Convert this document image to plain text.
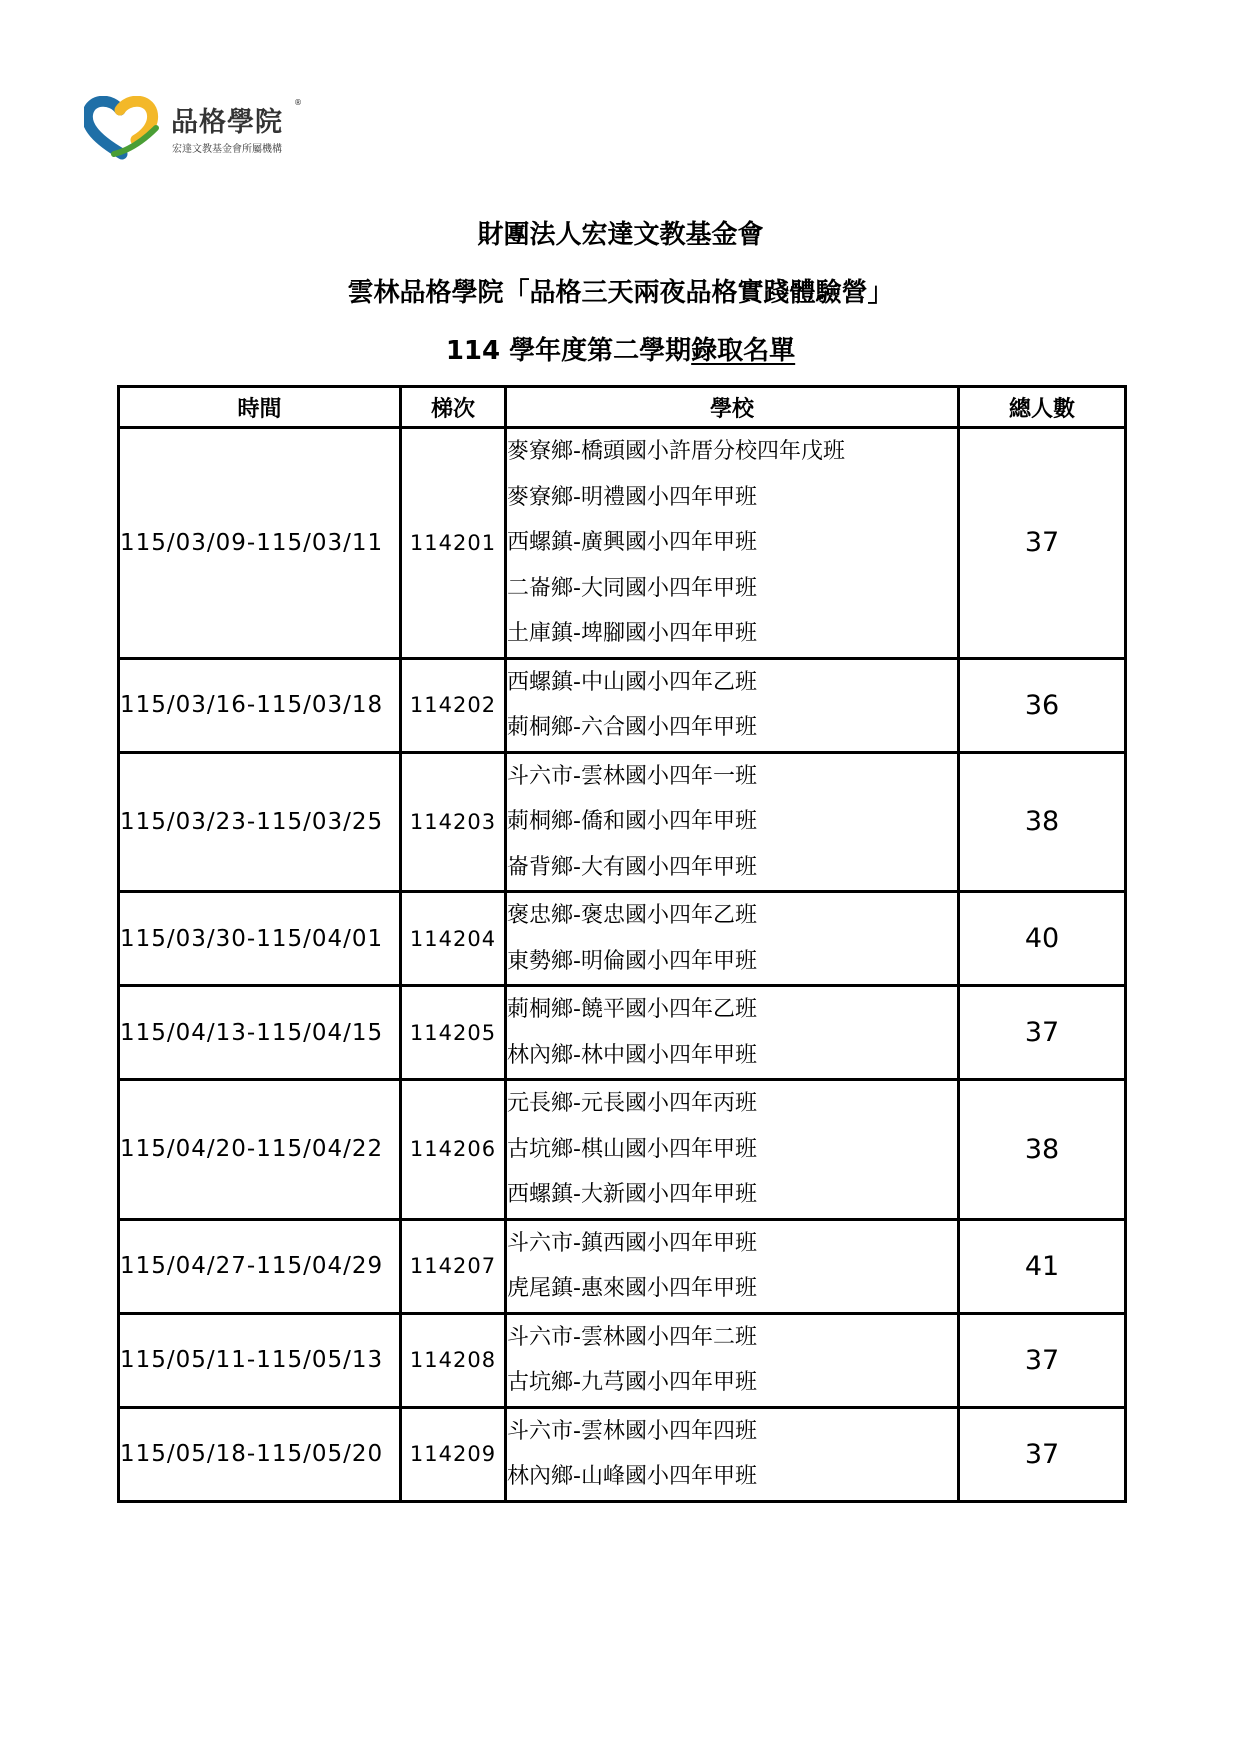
品格學院
®
宏達文教基金會所屬機構
財團法人宏達文教基金會
雲林品格學院「品格三天兩夜品格實踐體驗營」
114 學年度第二學期錄取名單
時間	梯次	學校	總人數
115/03/09-115/03/11	114201	麥寮鄉-橋頭國小許厝分校四年戊班
麥寮鄉-明禮國小四年甲班
西螺鎮-廣興國小四年甲班
二崙鄉-大同國小四年甲班
土庫鎮-埤腳國小四年甲班	37
115/03/16-115/03/18	114202	西螺鎮-中山國小四年乙班
莿桐鄉-六合國小四年甲班	36
115/03/23-115/03/25	114203	斗六市-雲林國小四年一班
莿桐鄉-僑和國小四年甲班
崙背鄉-大有國小四年甲班	38
115/03/30-115/04/01	114204	褒忠鄉-褒忠國小四年乙班
東勢鄉-明倫國小四年甲班	40
115/04/13-115/04/15	114205	莿桐鄉-饒平國小四年乙班
林內鄉-林中國小四年甲班	37
115/04/20-115/04/22	114206	元長鄉-元長國小四年丙班
古坑鄉-棋山國小四年甲班
西螺鎮-大新國小四年甲班	38
115/04/27-115/04/29	114207	斗六市-鎮西國小四年甲班
虎尾鎮-惠來國小四年甲班	41
115/05/11-115/05/13	114208	斗六市-雲林國小四年二班
古坑鄉-九芎國小四年甲班	37
115/05/18-115/05/20	114209	斗六市-雲林國小四年四班
林內鄉-山峰國小四年甲班	37
